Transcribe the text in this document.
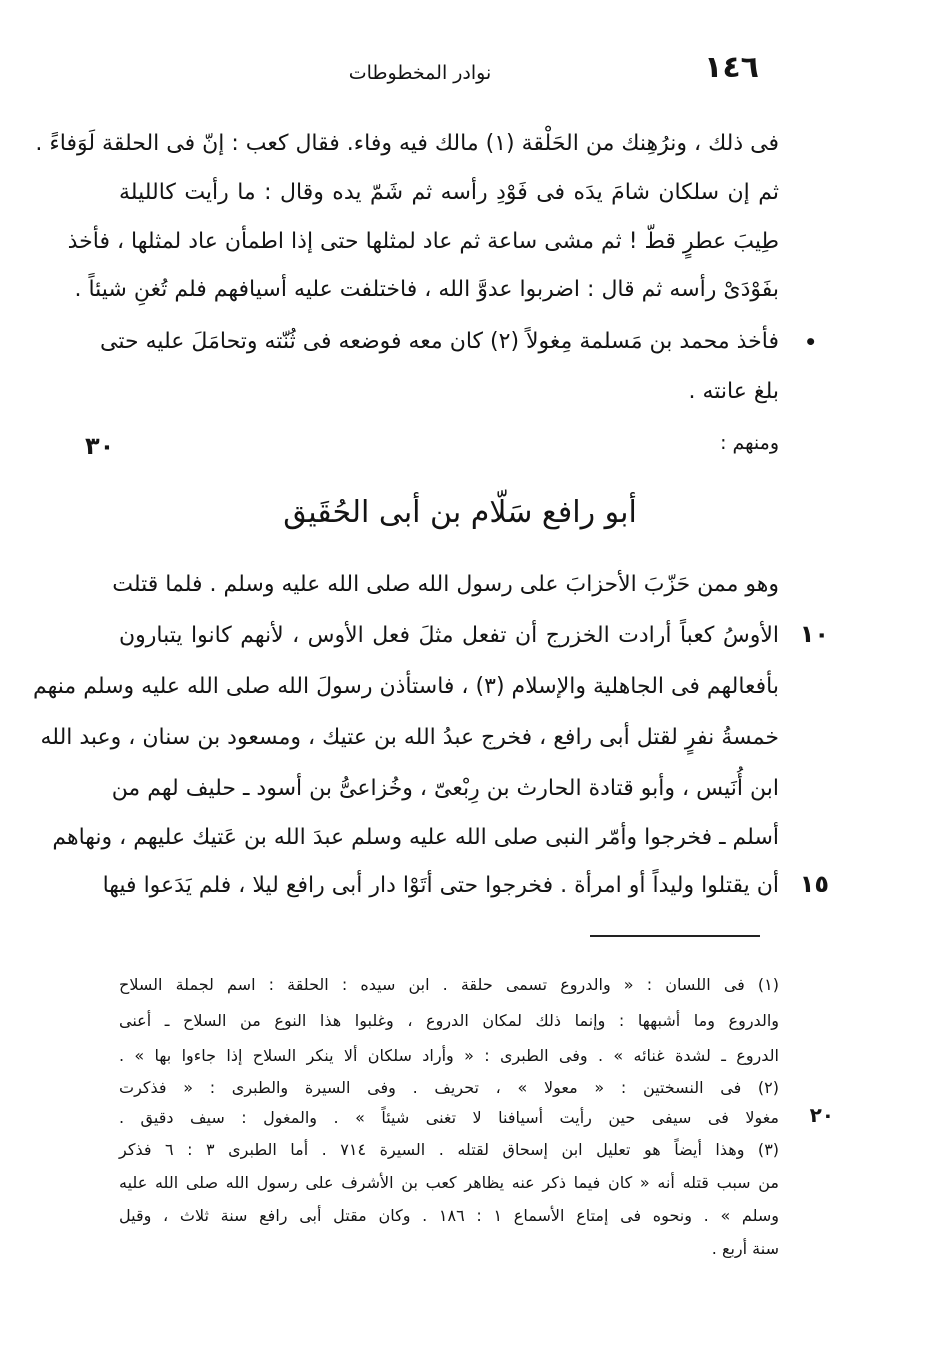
١٤٦
نوادر المخطوطات
فى ذلك ، ونرُهِنك من الحَلْقة (١) مالك فيه وفاء. فقال كعب : إنّ فى الحلقة لَوَفاءً .
ثم إن سلكان شامَ يدَه فى فَوْدِ رأسه ثم شَمّ يده وقال : ما رأيت كالليلة
طِيبَ عطرٍ قطّ ! ثم مشى ساعة ثم عاد لمثلها حتى إذا اطمأن عاد لمثلها ، فأخذ
بفَوْدَىْ رأسه ثم قال : اضربوا عدوَّ الله ، فاختلفت عليه أسيافهم فلم تُغنِ شيئاً .
•
فأخذ محمد بن مَسلمة مِغولاً (٢) كان معه فوضعه فى ثُنّته وتحامَلَ عليه حتى
بلغ عانته .
ومنهم :
٣٠
أبو رافع سَلّام بن أبى الحُقَيق
وهو ممن حَزّبَ الأحزابَ على رسول الله صلى الله عليه وسلم . فلما قتلت
الأوسُ كعباً أرادت الخزرج أن تفعل مثلَ فعل الأوس ، لأنهم كانوا يتبارون ١٠
بأفعالهم فى الجاهلية والإسلام (٣) ، فاستأذن رسولَ الله صلى الله عليه وسلم منهم
خمسةُ نفرٍ لقتل أبى رافع ، فخرج عبدُ الله بن عتيك ، ومسعود بن سنان ، وعبد الله
ابن أُنَيس ، وأبو قتادة الحارث بن رِبْعىّ ، وخُزاعىُّ بن أسود ـ حليف لهم من
أسلم ـ فخرجوا وأمّر النبى صلى الله عليه وسلم عبدَ الله بن عَتيك عليهم ، ونهاهم
أن يقتلوا وليداً أو امرأة . فخرجوا حتى أتَوْا دار أبى رافع ليلا ، فلم يَدَعوا فيها ١٥
(١) فى اللسان : « والدروع تسمى حلقة . ابن سيده : الحلقة : اسم لجملة السلاح
والدروع وما أشبهها : وإنما ذلك لمكان الدروع ، وغلبوا هذا النوع من السلاح ـ أعنى
الدروع ـ لشدة غنائه » . وفى الطبرى : « وأراد سلكان ألا ينكر السلاح إذا جاءوا بها » .
(٢) فى النسختين : « معولا » ، تحريف . وفى السيرة والطبرى : « فذكرت
مغولا فى سيفى حين رأيت أسيافنا لا تغنى شيئاً » . والمغول : سيف دقيق . ٢٠
(٣) وهذا أيضاً هو تعليل ابن إسحاق لقتله . السيرة ٧١٤ . أما الطبرى ٣ : ٦ فذكر
من سبب قتله أنه « كان فيما ذكر عنه يظاهر كعب بن الأشرف على رسول الله صلى الله عليه
وسلم » . ونحوه فى إمتاع الأسماع ١ : ١٨٦ . وكان مقتل أبى رافع سنة ثلاث ، وقيل
سنة أربع .
